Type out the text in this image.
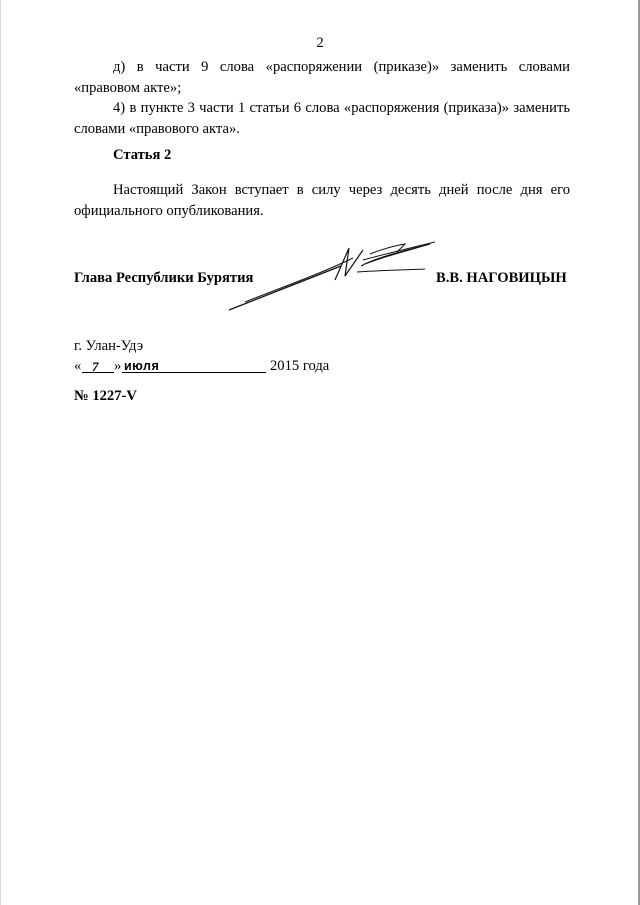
2

д) в части 9 слова «распоряжении (приказе)» заменить словами «правовом акте»;

4) в пункте 3 части 1 статьи 6 слова «распоряжения (приказа)» заменить словами «правового акта».

Статья 2

Настоящий Закон вступает в силу через десять дней после дня его официального опубликования.

Глава Республики Бурятия	В.В. НАГОВИЦЫН
г. Улан-Удэ
« 7 » июля	2015 года
№ 1227-V
